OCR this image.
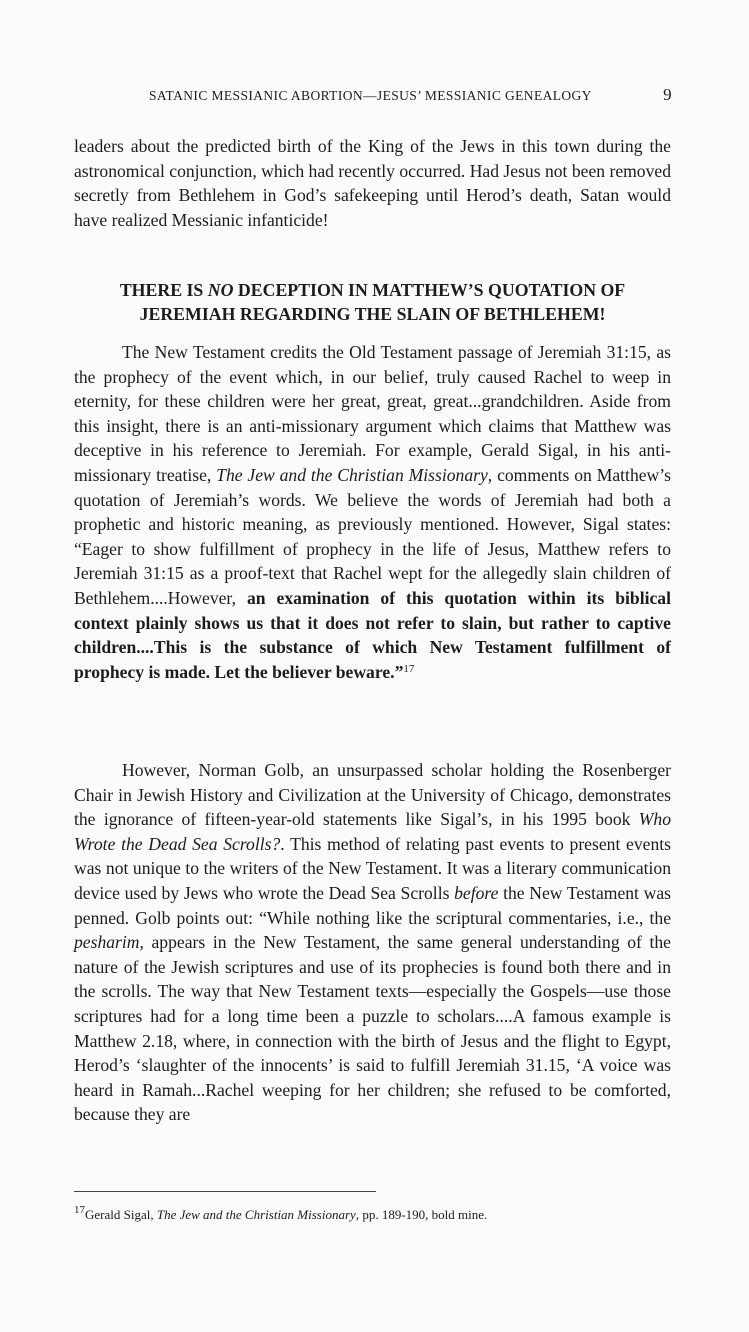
SATANIC MESSIANIC ABORTION—JESUS’ MESSIANIC GENEALOGY	9

leaders about the predicted birth of the King of the Jews in this town during the astronomical conjunction, which had recently occurred. Had Jesus not been removed secretly from Bethlehem in God’s safekeeping until Herod’s death, Satan would have realized Messianic infanticide!

THERE IS NO DECEPTION IN MATTHEW’S QUOTATION OF JEREMIAH REGARDING THE SLAIN OF BETHLEHEM!

The New Testament credits the Old Testament passage of Jeremiah 31:15, as the prophecy of the event which, in our belief, truly caused Rachel to weep in eternity, for these children were her great, great, great...grandchildren. Aside from this insight, there is an anti-missionary argument which claims that Matthew was deceptive in his reference to Jeremiah. For example, Gerald Sigal, in his anti-missionary treatise, The Jew and the Christian Missionary, comments on Matthew’s quotation of Jeremiah’s words. We believe the words of Jeremiah had both a prophetic and historic meaning, as previously mentioned. However, Sigal states: “Eager to show fulfillment of prophecy in the life of Jesus, Matthew refers to Jeremiah 31:15 as a proof-text that Rachel wept for the allegedly slain children of Bethlehem....However, an examination of this quotation within its biblical context plainly shows us that it does not refer to slain, but rather to captive children....This is the substance of which New Testament fulfillment of prophecy is made. Let the believer beware.”$^{17}$

However, Norman Golb, an unsurpassed scholar holding the Rosenberger Chair in Jewish History and Civilization at the University of Chicago, demonstrates the ignorance of fifteen-year-old statements like Sigal’s, in his 1995 book Who Wrote the Dead Sea Scrolls?. This method of relating past events to present events was not unique to the writers of the New Testament. It was a literary communication device used by Jews who wrote the Dead Sea Scrolls before the New Testament was penned. Golb points out: “While nothing like the scriptural commentaries, i.e., the pesharim, appears in the New Testament, the same general understanding of the nature of the Jewish scriptures and use of its prophecies is found both there and in the scrolls. The way that New Testament texts—especially the Gospels—use those scriptures had for a long time been a puzzle to scholars....A famous example is Matthew 2.18, where, in connection with the birth of Jesus and the flight to Egypt, Herod’s ‘slaughter of the innocents’ is said to fulfill Jeremiah 31.15, ‘A voice was heard in Ramah...Rachel weeping for her children; she refused to be comforted, because they are

$^{17}$Gerald Sigal, The Jew and the Christian Missionary, pp. 189-190, bold mine.
